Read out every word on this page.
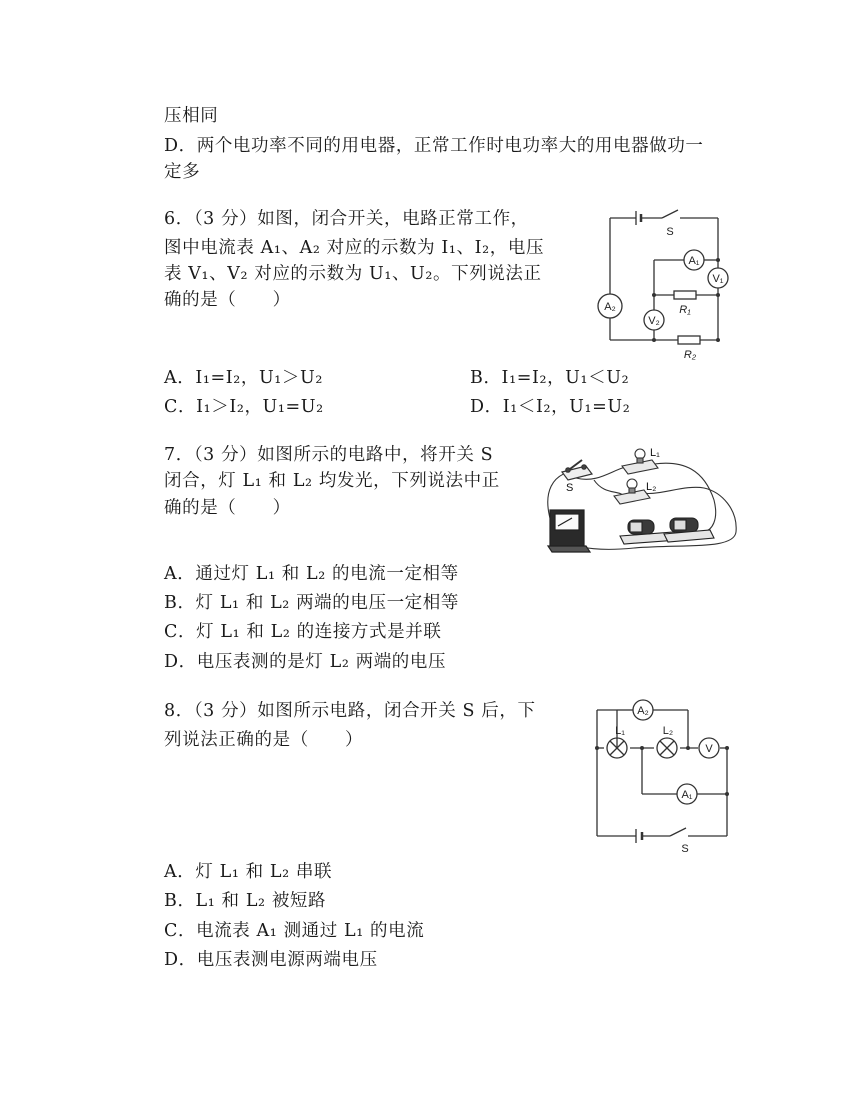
压相同
D．两个电功率不同的用电器，正常工作时电功率大的用电器做功一
定多
6．（3 分）如图，闭合开关，电路正常工作，
图中电流表 A₁、A₂ 对应的示数为 I₁、I₂，电压
表 V₁、V₂ 对应的示数为 U₁、U₂。下列说法正
确的是（　　）
S
A₂
A₁
V₁
V₂
R₁
R₂
A．I₁=I₂，U₁＞U₂	B．I₁=I₂，U₁＜U₂
C．I₁＞I₂，U₁=U₂	D．I₁＜I₂，U₁=U₂
7．（3 分）如图所示的电路中，将开关 S
闭合，灯 L₁ 和 L₂ 均发光，下列说法中正
确的是（　　）
L₁
L₂
S
A．通过灯 L₁ 和 L₂ 的电流一定相等
B．灯 L₁ 和 L₂ 两端的电压一定相等
C．灯 L₁ 和 L₂ 的连接方式是并联
D．电压表测的是灯 L₂ 两端的电压
8．（3 分）如图所示电路，闭合开关 S 后，下
列说法正确的是（　　）
A₂
L₁	L₂
V
A₁
S
A．灯 L₁ 和 L₂ 串联
B．L₁ 和 L₂ 被短路
C．电流表 A₁ 测通过 L₁ 的电流
D．电压表测电源两端电压
